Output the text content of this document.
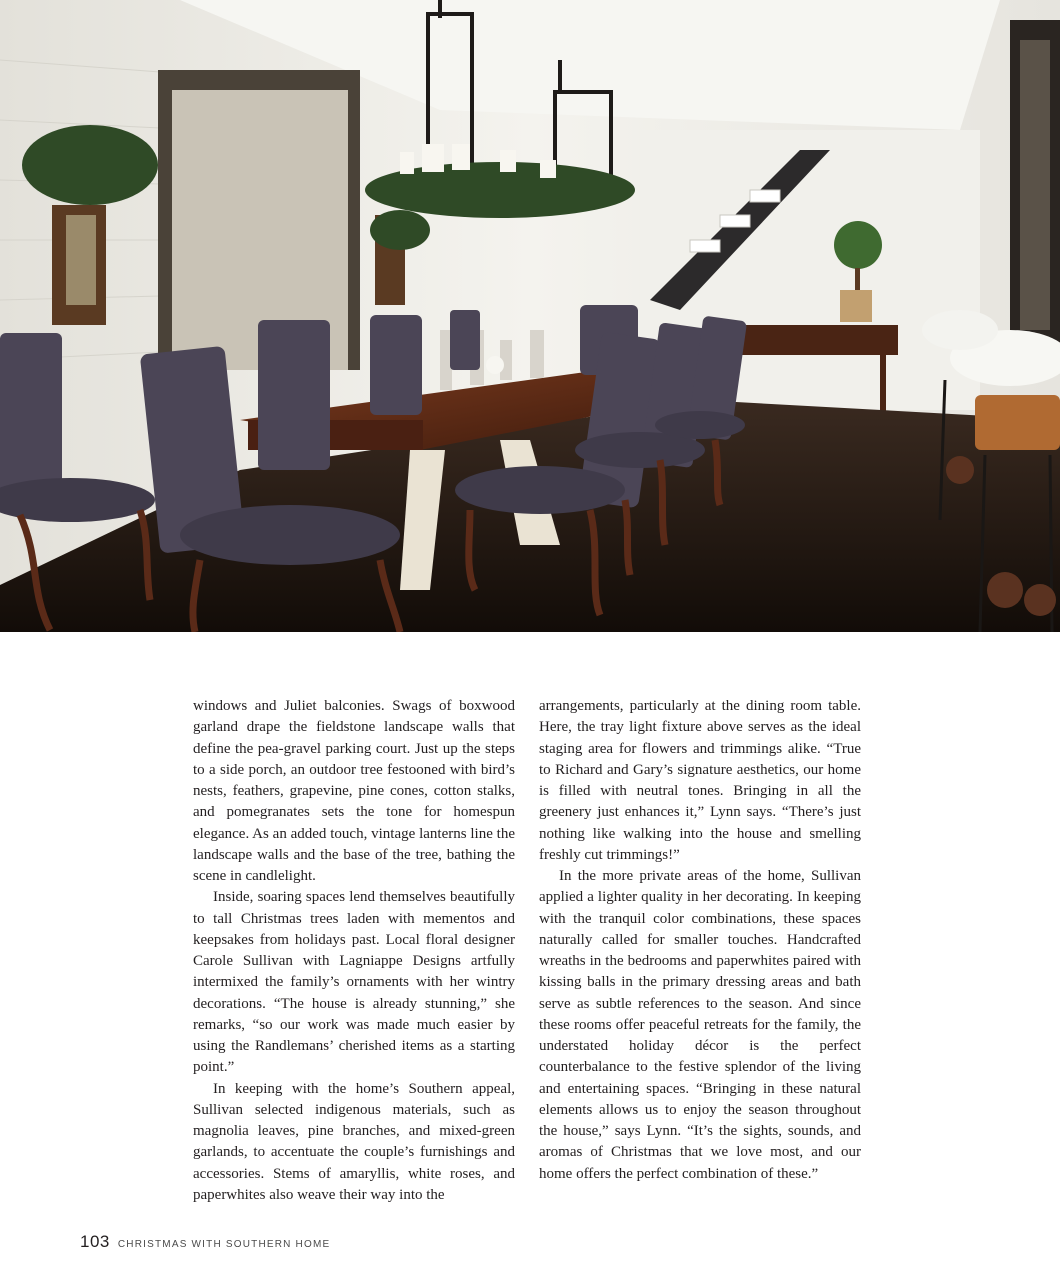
windows and Juliet balconies. Swags of boxwood garland drape the fieldstone landscape walls that define the pea-gravel parking court. Just up the steps to a side porch, an outdoor tree festooned with bird’s nests, feathers, grapevine, pine cones, cotton stalks, and pomegranates sets the tone for homespun elegance. As an added touch, vintage lanterns line the landscape walls and the base of the tree, bathing the scene in candlelight.

Inside, soaring spaces lend themselves beautifully to tall Christmas trees laden with mementos and keepsakes from holidays past. Local floral designer Carole Sullivan with Lagniappe Designs artfully intermixed the family’s ornaments with her wintry decorations. “The house is already stunning,” she remarks, “so our work was made much easier by using the Randlemans’ cherished items as a starting point.”

In keeping with the home’s Southern appeal, Sullivan selected indigenous materials, such as magnolia leaves, pine branches, and mixed-green garlands, to accentuate the couple’s furnishings and accessories. Stems of amaryllis, white roses, and paperwhites also weave their way into the

arrangements, particularly at the dining room table. Here, the tray light fixture above serves as the ideal staging area for flowers and trimmings alike. “True to Richard and Gary’s signature aesthetics, our home is filled with neutral tones. Bringing in all the greenery just enhances it,” Lynn says. “There’s just nothing like walking into the house and smelling freshly cut trimmings!”

In the more private areas of the home, Sullivan applied a lighter quality in her decorating. In keeping with the tranquil color combinations, these spaces naturally called for smaller touches. Handcrafted wreaths in the bedrooms and paperwhites paired with kissing balls in the primary dressing areas and bath serve as subtle references to the season. And since these rooms offer peaceful retreats for the family, the understated holiday décor is the perfect counterbalance to the festive splendor of the living and entertaining spaces. “Bringing in these natural elements allows us to enjoy the season throughout the house,” says Lynn. “It’s the sights, sounds, and aromas of Christmas that we love most, and our home offers the perfect combination of these.”

103 CHRISTMAS WITH SOUTHERN HOME
